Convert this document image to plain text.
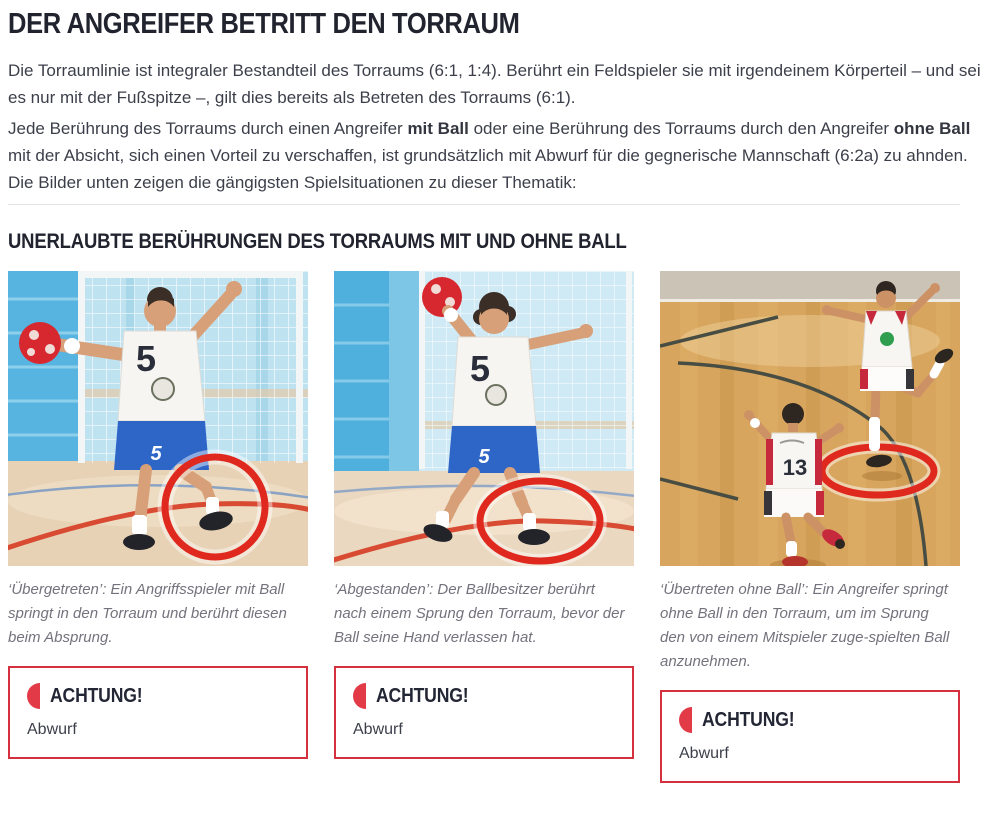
DER ANGREIFER BETRITT DEN TORRAUM

Die Torraumlinie ist integraler Bestandteil des Torraums (6:1, 1:4). Berührt ein Feldspieler sie mit irgendeinem Körperteil – und sei es nur mit der Fußspitze –, gilt dies bereits als Betreten des Torraums (6:1).

Jede Berührung des Torraums durch einen Angreifer mit Ball oder eine Berührung des Torraums durch den Angreifer ohne Ball mit der Absicht, sich einen Vorteil zu verschaffen, ist grundsätzlich mit Abwurf für die gegnerische Mannschaft (6:2a) zu ahnden. Die Bilder unten zeigen die gängigsten Spielsituationen zu dieser Thematik:

UNERLAUBTE BERÜHRUNGEN DES TORRAUMS MIT UND OHNE BALL
5
5

‘Übergetreten’: Ein Angriffsspieler mit Ball springt in den Torraum und berührt diesen beim Absprung.

ACHTUNG!
Abwurf
5
5

‘Abgestanden’: Der Ballbesitzer berührt nach einem Sprung den Torraum, bevor der Ball seine Hand verlassen hat.

ACHTUNG!
Abwurf
13

‘Übertreten ohne Ball’: Ein Angreifer springt ohne Ball in den Torraum, um im Sprung den von einem Mitspieler zuge-spielten Ball anzunehmen.

ACHTUNG!
Abwurf
